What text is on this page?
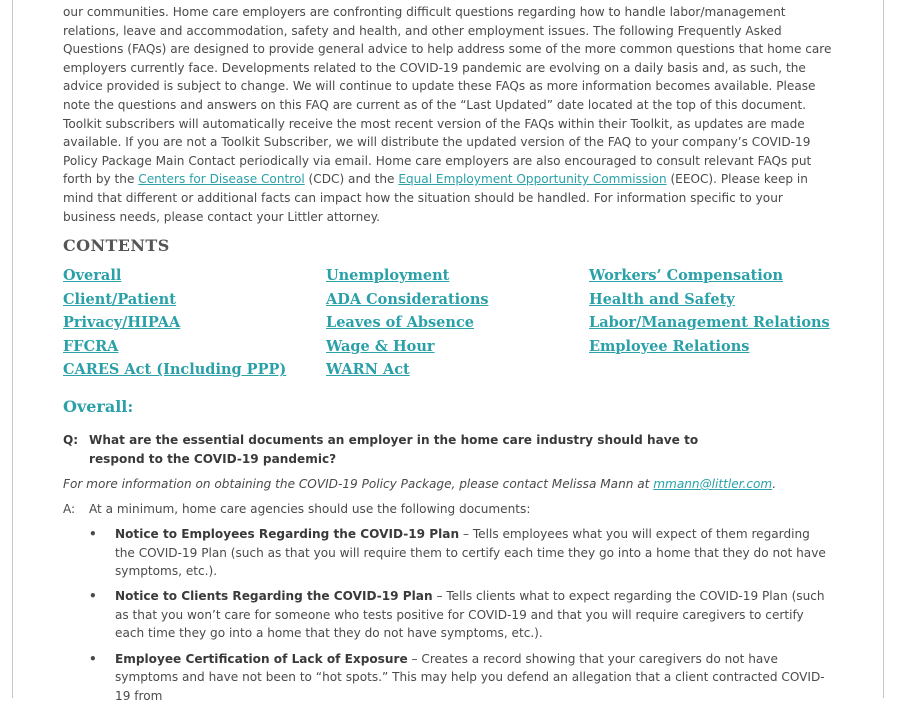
our communities. Home care employers are confronting difficult questions regarding how to handle labor/management relations, leave and accommodation, safety and health, and other employment issues. The following Frequently Asked Questions (FAQs) are designed to provide general advice to help address some of the more common questions that home care employers currently face. Developments related to the COVID-19 pandemic are evolving on a daily basis and, as such, the advice provided is subject to change. We will continue to update these FAQs as more information becomes available. Please note the questions and answers on this FAQ are current as of the “Last Updated” date located at the top of this document. Toolkit subscribers will automatically receive the most recent version of the FAQs within their Toolkit, as updates are made available. If you are not a Toolkit Subscriber, we will distribute the updated version of the FAQ to your company’s COVID-19 Policy Package Main Contact periodically via email. Home care employers are also encouraged to consult relevant FAQs put forth by the Centers for Disease Control (CDC) and the Equal Employment Opportunity Commission (EEOC). Please keep in mind that different or additional facts can impact how the situation should be handled. For information specific to your business needs, please contact your Littler attorney.

CONTENTS
Overall
Client/Patient
Privacy/HIPAA
FFCRA
CARES Act (Including PPP)
Unemployment
ADA Considerations
Leaves of Absence
Wage & Hour
WARN Act
Workers’ Compensation
Health and Safety
Labor/Management Relations
Employee Relations
Overall:
Q: What are the essential documents an employer in the home care industry should have to respond to the COVID-19 pandemic?
For more information on obtaining the COVID-19 Policy Package, please contact Melissa Mann at mmann@littler.com.
A:	At a minimum, home care agencies should use the following documents:
• Notice to Employees Regarding the COVID-19 Plan – Tells employees what you will expect of them regarding the COVID-19 Plan (such as that you will require them to certify each time they go into a home that they do not have symptoms, etc.).
• Notice to Clients Regarding the COVID-19 Plan – Tells clients what to expect regarding the COVID-19 Plan (such as that you won’t care for someone who tests positive for COVID-19 and that you will require caregivers to certify each time they go into a home that they do not have symptoms, etc.).
• Employee Certification of Lack of Exposure – Creates a record showing that your caregivers do not have symptoms and have not been to “hot spots.” This may help you defend an allegation that a client contracted COVID-19 from
